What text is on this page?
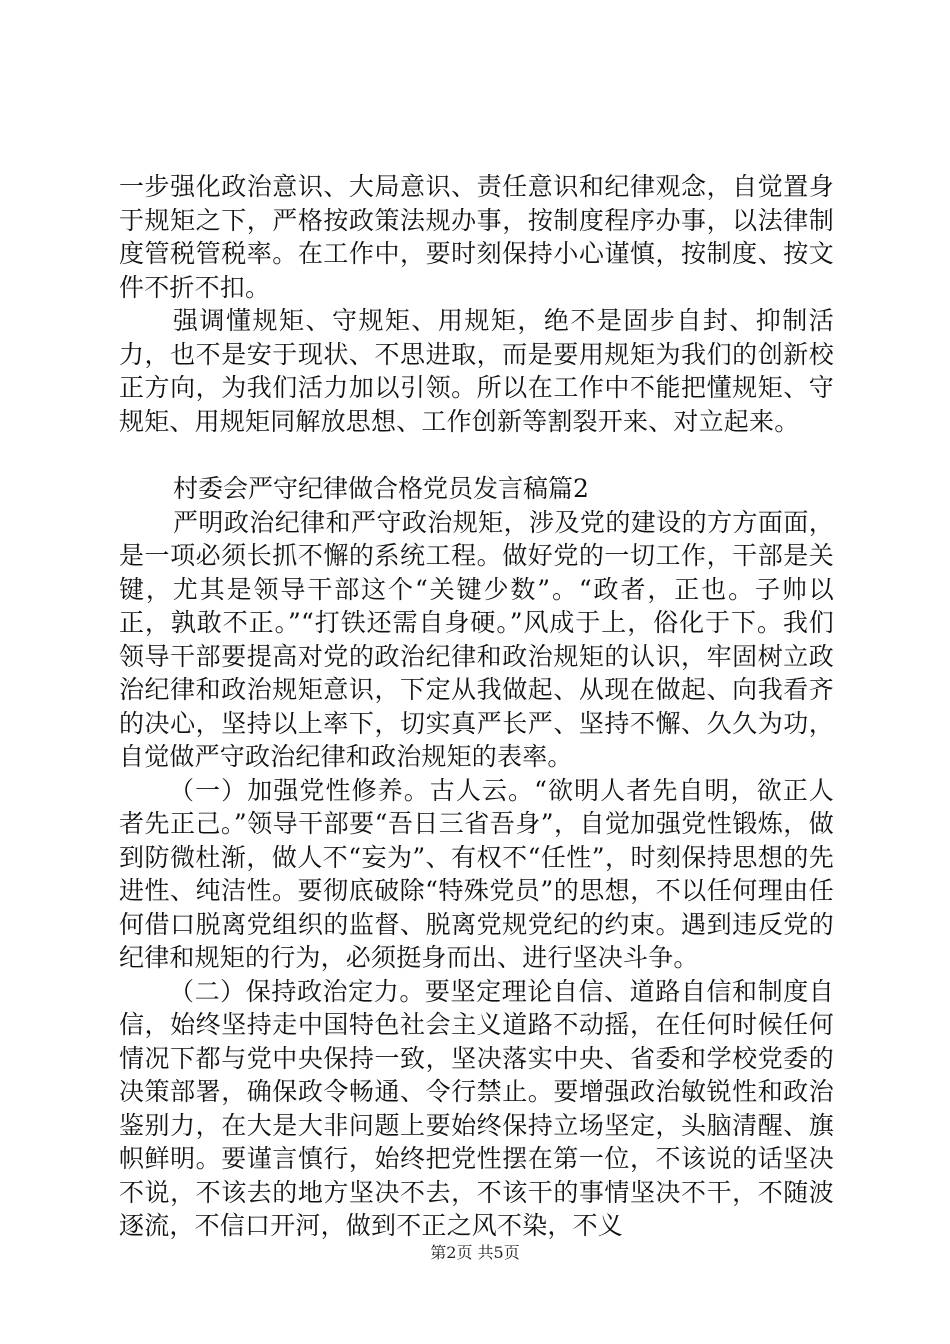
一步强化政治意识、大局意识、责任意识和纪律观念，自觉置身于规矩之下，严格按政策法规办事，按制度程序办事，以法律制度管税管税率。在工作中，要时刻保持小心谨慎，按制度、按文件不折不扣。

强调懂规矩、守规矩、用规矩，绝不是固步自封、抑制活力，也不是安于现状、不思进取，而是要用规矩为我们的创新校正方向，为我们活力加以引领。所以在工作中不能把懂规矩、守规矩、用规矩同解放思想、工作创新等割裂开来、对立起来。

村委会严守纪律做合格党员发言稿篇2

严明政治纪律和严守政治规矩，涉及党的建设的方方面面，是一项必须长抓不懈的系统工程。做好党的一切工作，干部是关键，尤其是领导干部这个“关键少数”。“政者，正也。子帅以正，孰敢不正。”“打铁还需自身硬。”风成于上，俗化于下。我们领导干部要提高对党的政治纪律和政治规矩的认识，牢固树立政治纪律和政治规矩意识，下定从我做起、从现在做起、向我看齐的决心，坚持以上率下，切实真严长严、坚持不懈、久久为功，自觉做严守政治纪律和政治规矩的表率。

（一）加强党性修养。古人云。“欲明人者先自明，欲正人者先正己。”领导干部要“吾日三省吾身”，自觉加强党性锻炼，做到防微杜渐，做人不“妄为”、有权不“任性”，时刻保持思想的先进性、纯洁性。要彻底破除“特殊党员”的思想，不以任何理由任何借口脱离党组织的监督、脱离党规党纪的约束。遇到违反党的纪律和规矩的行为，必须挺身而出、进行坚决斗争。

（二）保持政治定力。要坚定理论自信、道路自信和制度自信，始终坚持走中国特色社会主义道路不动摇，在任何时候任何情况下都与党中央保持一致，坚决落实中央、省委和学校党委的决策部署，确保政令畅通、令行禁止。要增强政治敏锐性和政治鉴别力，在大是大非问题上要始终保持立场坚定，头脑清醒、旗帜鲜明。要谨言慎行，始终把党性摆在第一位，不该说的话坚决不说，不该去的地方坚决不去，不该干的事情坚决不干，不随波逐流，不信口开河，做到不正之风不染，不义

第2页 共5页
